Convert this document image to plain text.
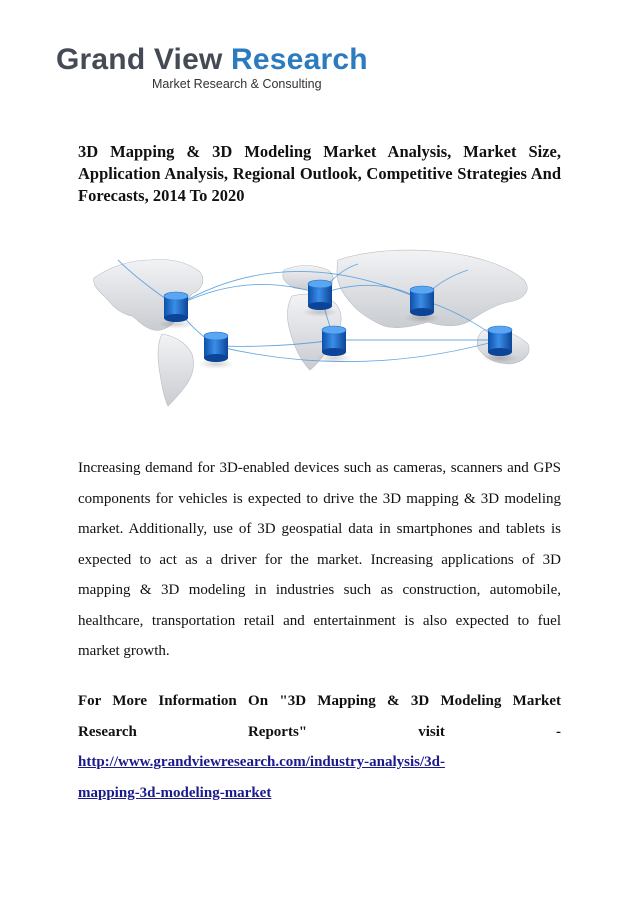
Grand View Research
Market Research & Consulting
3D Mapping & 3D Modeling Market Analysis, Market Size, Application Analysis, Regional Outlook, Competitive Strategies And Forecasts, 2014 To 2020

Increasing demand for 3D-enabled devices such as cameras, scanners and GPS components for vehicles is expected to drive the 3D mapping & 3D modeling market. Additionally, use of 3D geospatial data in smartphones and tablets is expected to act as a driver for the market. Increasing applications of 3D mapping & 3D modeling in industries such as construction, automobile, healthcare, transportation retail and entertainment is also expected to fuel market growth.

For More Information On "3D Mapping & 3D Modeling Market
Research	Reports"	visit	-
http://www.grandviewresearch.com/industry-analysis/3d-
mapping-3d-modeling-market
